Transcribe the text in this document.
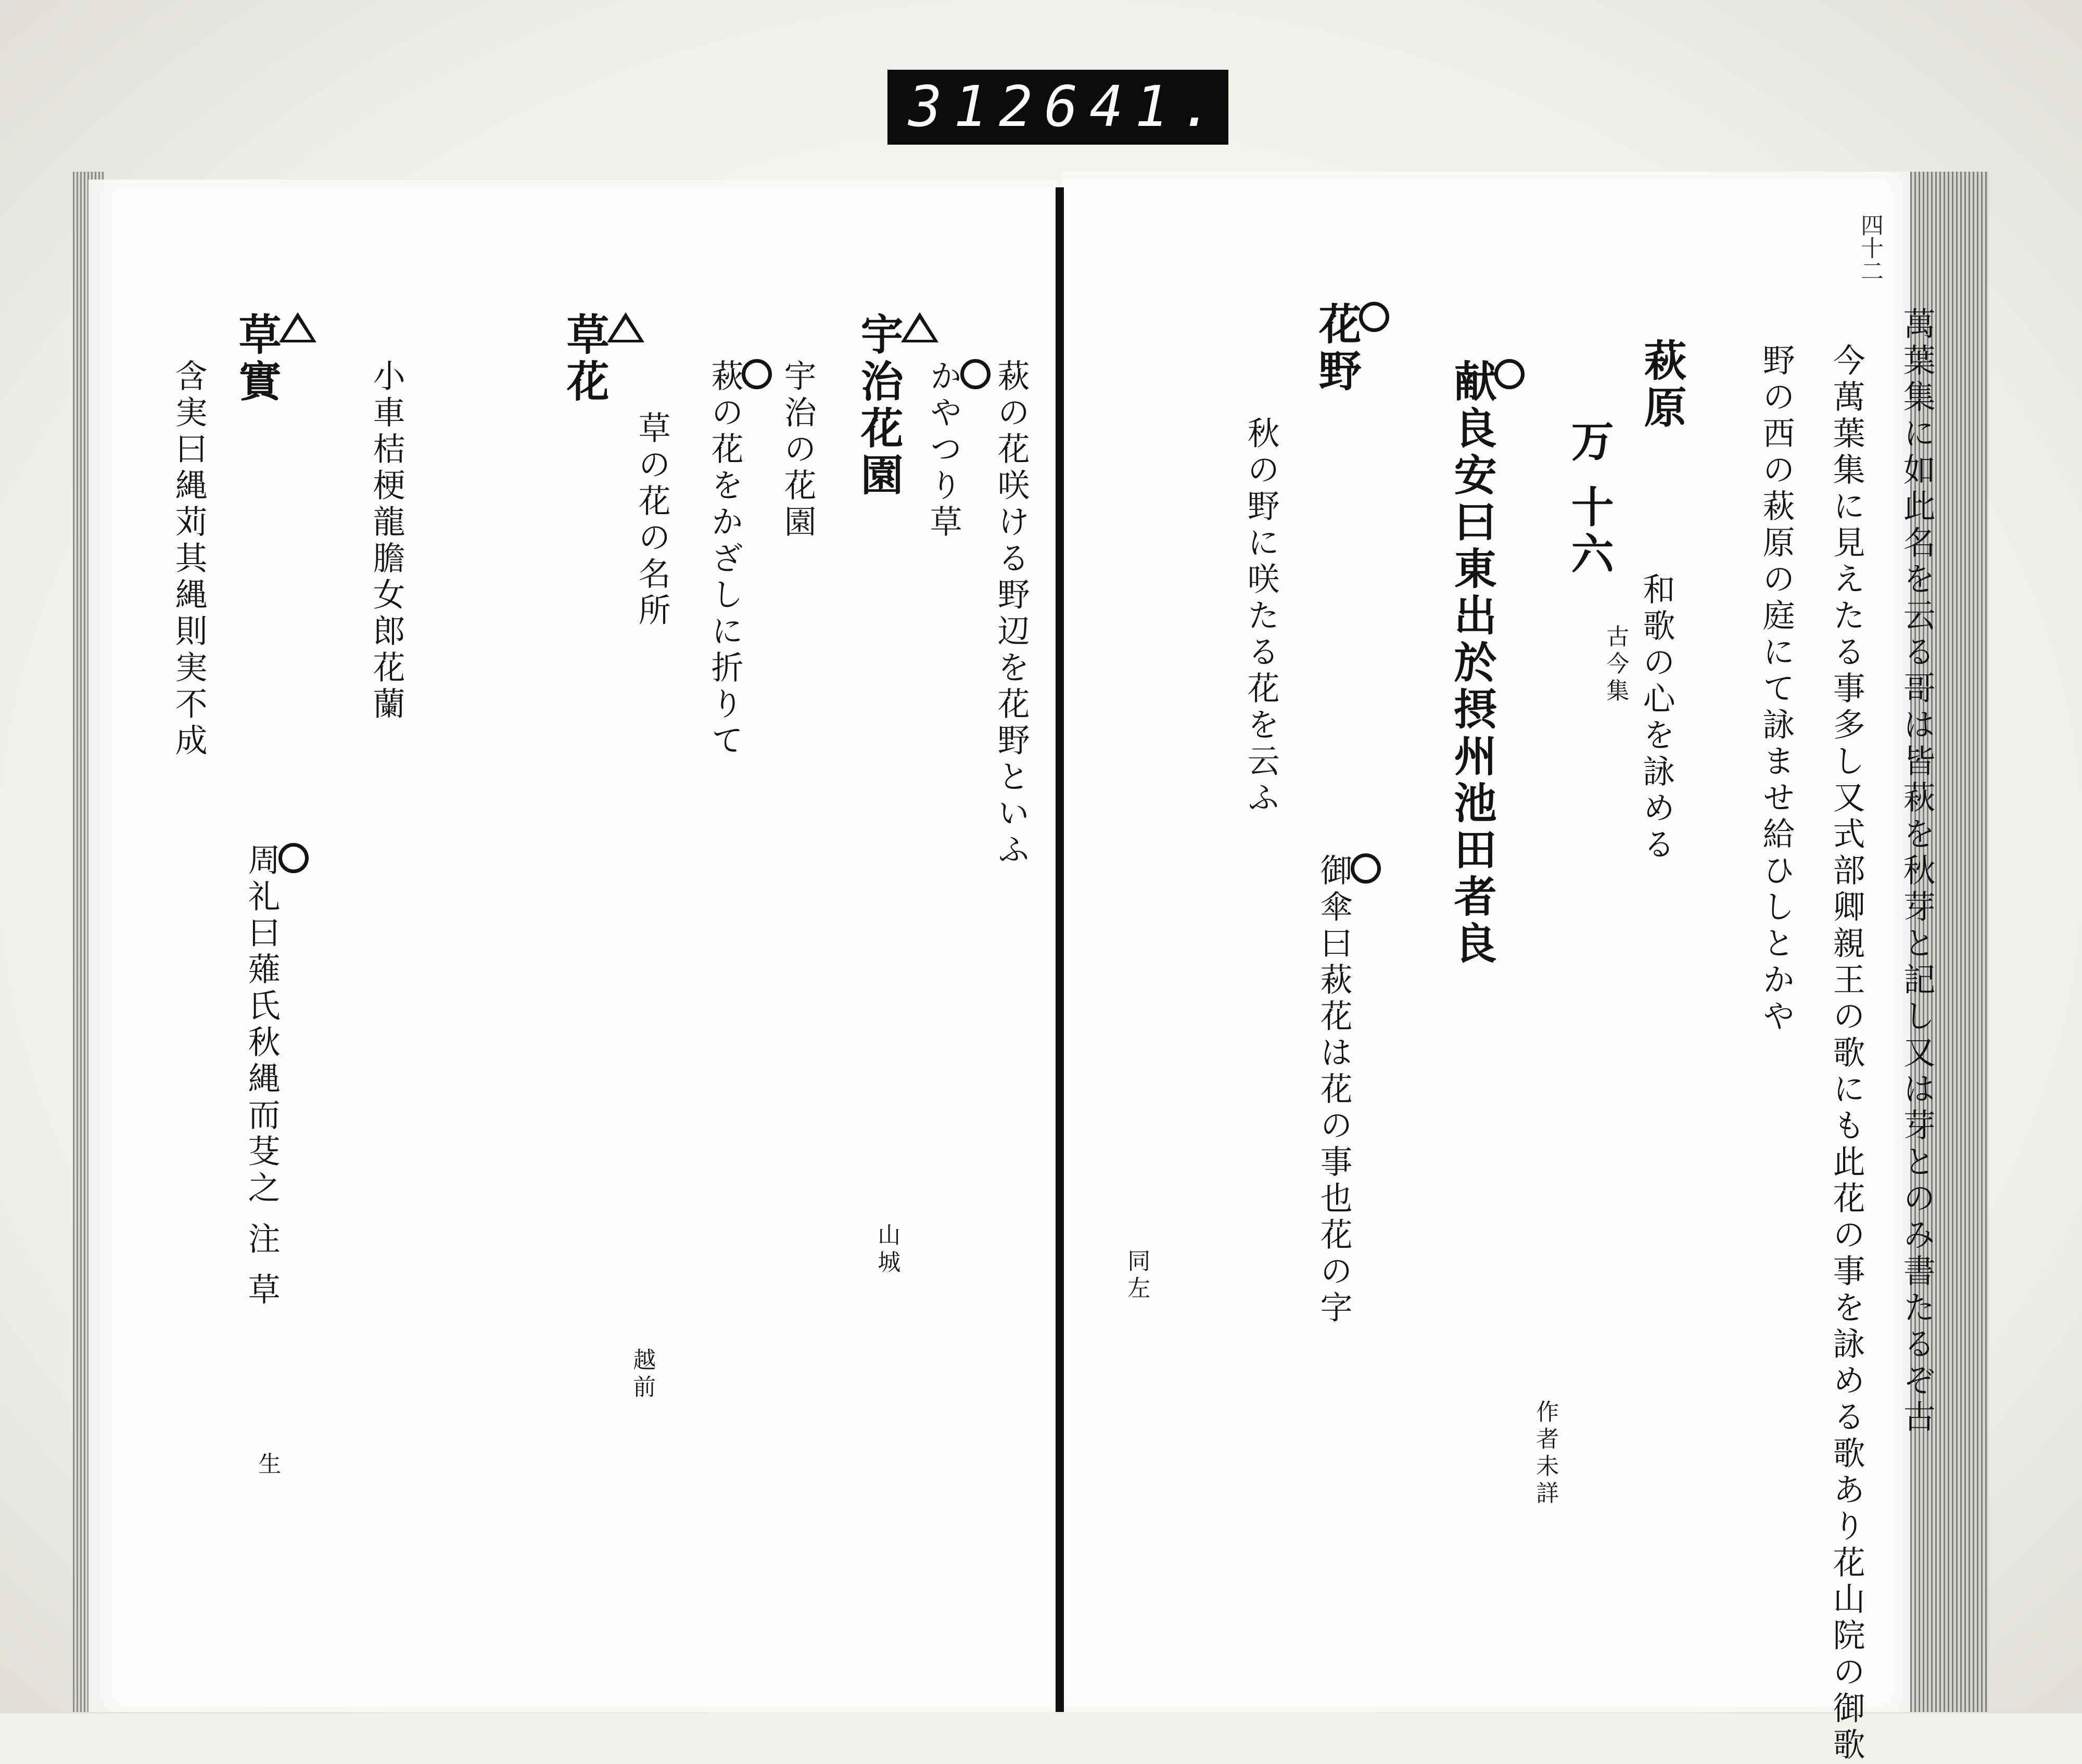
312 641.
四十二
萬葉集に如此名を云る哥は皆萩を秋芽と記し又は芽とのみ書たるぞ古
今萬葉集に見えたる事多し又式部卿親王の歌にも此花の事を詠める歌あり花山院の御歌
野の西の萩原の庭にて詠ませ給ひしとかや
萩原
和歌の心を詠める
万 十六
古今集
作者未詳
献良安曰東出於摂州池田者良
花野
御傘曰萩花は花の事也花の字
秋の野に咲たる花を云ふ
同左
萩の花咲ける野辺を花野といふ
かやつり草
宇治花園
山城
宇治の花園
萩の花をかざしに折りて
草花
草の花の名所
越前
小車桔梗龍膽女郎花蘭
草實
周礼曰薙氏秋縄而芟之 注 草
含実曰縄苅其縄則実不成
生
